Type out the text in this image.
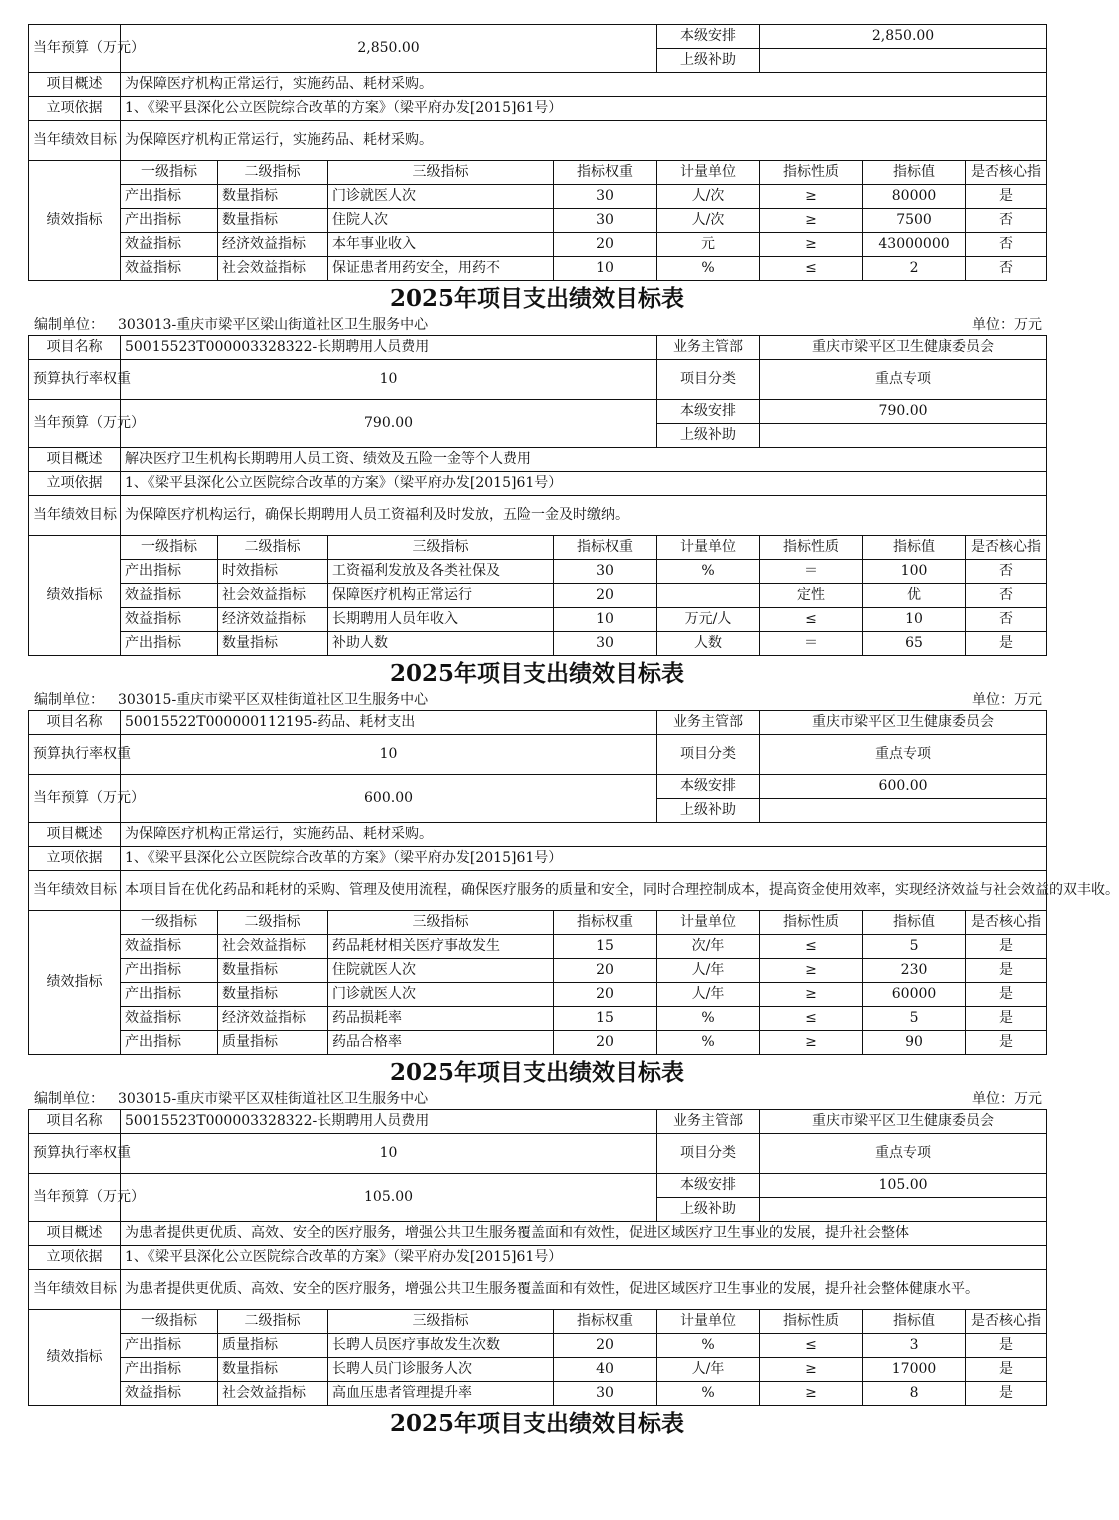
当年预算（万元）	2,850.00				本级安排	2,850.00		
					上级补助			
项目概述	为保障医疗机构正常运行，实施药品、耗材采购。							
立项依据	1、《梁平县深化公立医院综合改革的方案》（梁平府办发[2015]61号）							
当年绩效目标	为保障医疗机构正常运行，实施药品、耗材采购。							
绩效指标	一级指标	二级指标	三级指标	指标权重	计量单位	指标性质	指标值	是否核心指
	产出指标	数量指标	门诊就医人次	30	人/次	≥	80000	是
	产出指标	数量指标	住院人次	30	人/次	≥	7500	否
	效益指标	经济效益指标	本年事业收入	20	元	≥	43000000	否
	效益指标	社会效益指标	保证患者用药安全，用药不	10	%	≤	2	否
2025年项目支出绩效目标表
编制单位： 303013-重庆市梁平区梁山街道社区卫生服务中心	单位：万元
项目名称	50015523T000003328322-长期聘用人员费用				业务主管部	重庆市梁平区卫生健康委员会		
预算执行率权重	10				项目分类	重点专项		
当年预算（万元）	790.00				本级安排	790.00		
					上级补助			
项目概述	解决医疗卫生机构长期聘用人员工资、绩效及五险一金等个人费用							
立项依据	1、《梁平县深化公立医院综合改革的方案》（梁平府办发[2015]61号）							
当年绩效目标	为保障医疗机构运行，确保长期聘用人员工资福利及时发放，五险一金及时缴纳。							
绩效指标	一级指标	二级指标	三级指标	指标权重	计量单位	指标性质	指标值	是否核心指
	产出指标	时效指标	工资福利发放及各类社保及	30	%	＝	100	否
	效益指标	社会效益指标	保障医疗机构正常运行	20		定性	优	否
	效益指标	经济效益指标	长期聘用人员年收入	10	万元/人	≤	10	否
	产出指标	数量指标	补助人数	30	人数	＝	65	是
2025年项目支出绩效目标表
编制单位： 303015-重庆市梁平区双桂街道社区卫生服务中心	单位：万元
项目名称	50015522T000000112195-药品、耗材支出				业务主管部	重庆市梁平区卫生健康委员会		
预算执行率权重	10				项目分类	重点专项		
当年预算（万元）	600.00				本级安排	600.00		
					上级补助			
项目概述	为保障医疗机构正常运行，实施药品、耗材采购。							
立项依据	1、《梁平县深化公立医院综合改革的方案》（梁平府办发[2015]61号）							
当年绩效目标	本项目旨在优化药品和耗材的采购、管理及使用流程，确保医疗服务的质量和安全，同时合理控制成本，提高资金使用效率，实现经济效益与社会效益的双丰收。							
绩效指标	一级指标	二级指标	三级指标	指标权重	计量单位	指标性质	指标值	是否核心指
	效益指标	社会效益指标	药品耗材相关医疗事故发生	15	次/年	≤	5	是
	产出指标	数量指标	住院就医人次	20	人/年	≥	230	是
	产出指标	数量指标	门诊就医人次	20	人/年	≥	60000	是
	效益指标	经济效益指标	药品损耗率	15	%	≤	5	是
	产出指标	质量指标	药品合格率	20	%	≥	90	是
2025年项目支出绩效目标表
编制单位： 303015-重庆市梁平区双桂街道社区卫生服务中心	单位：万元
项目名称	50015523T000003328322-长期聘用人员费用				业务主管部	重庆市梁平区卫生健康委员会		
预算执行率权重	10				项目分类	重点专项		
当年预算（万元）	105.00				本级安排	105.00		
					上级补助			
项目概述	为患者提供更优质、高效、安全的医疗服务，增强公共卫生服务覆盖面和有效性，促进区域医疗卫生事业的发展，提升社会整体							
立项依据	1、《梁平县深化公立医院综合改革的方案》（梁平府办发[2015]61号）							
当年绩效目标	为患者提供更优质、高效、安全的医疗服务，增强公共卫生服务覆盖面和有效性，促进区域医疗卫生事业的发展，提升社会整体健康水平。							
绩效指标	一级指标	二级指标	三级指标	指标权重	计量单位	指标性质	指标值	是否核心指
	产出指标	质量指标	长聘人员医疗事故发生次数	20	%	≤	3	是
	产出指标	数量指标	长聘人员门诊服务人次	40	人/年	≥	17000	是
	效益指标	社会效益指标	高血压患者管理提升率	30	%	≥	8	是
2025年项目支出绩效目标表
